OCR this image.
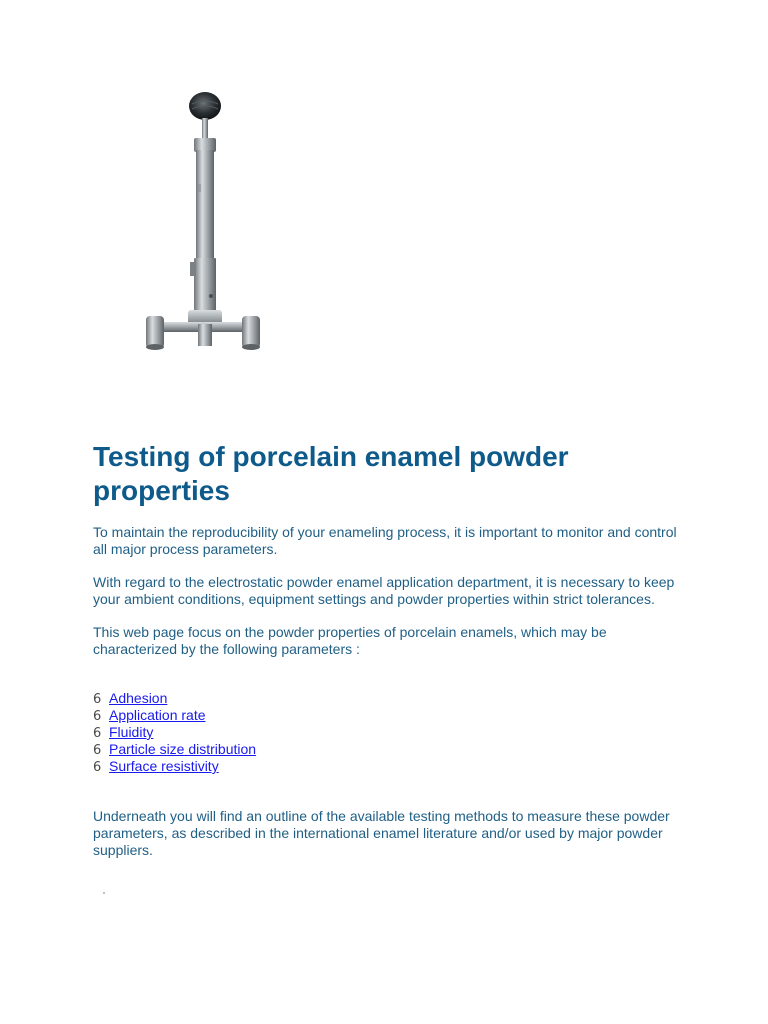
Testing of porcelain enamel powder properties

To maintain the reproducibility of your enameling process, it is important to monitor and control all major process parameters.

With regard to the electrostatic powder enamel application department, it is necessary to keep your ambient conditions, equipment settings and powder properties within strict tolerances.

This web page focus on the powder properties of porcelain enamels, which may be characterized by the following parameters :

6 Adhesion
6 Application rate
6 Fluidity
6 Particle size distribution
6 Surface resistivity

Underneath you will find an outline of the available testing methods to measure these powder parameters, as described in the international enamel literature and/or used by major powder suppliers.
